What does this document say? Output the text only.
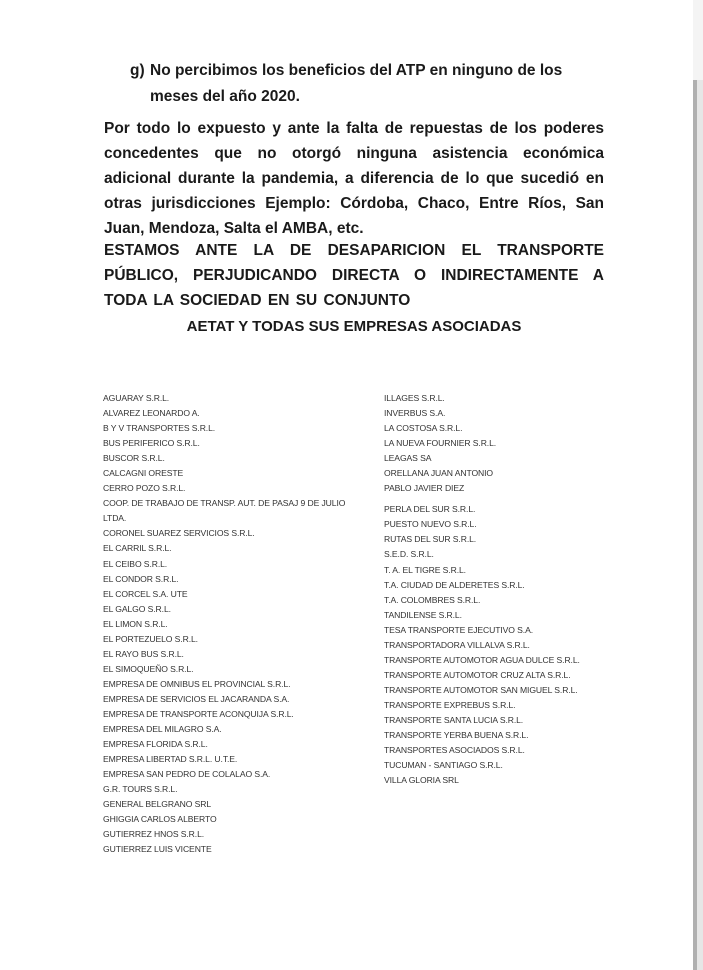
g) No percibimos los beneficios del ATP en ninguno de los meses del año 2020.
Por todo lo expuesto y ante la falta de repuestas de los poderes concedentes que no otorgó ninguna asistencia económica adicional durante la pandemia, a diferencia de lo que sucedió en otras jurisdicciones Ejemplo: Córdoba, Chaco, Entre Ríos, San Juan, Mendoza, Salta el AMBA, etc.
ESTAMOS ANTE LA DE DESAPARICION EL TRANSPORTE PÚBLICO, PERJUDICANDO DIRECTA O INDIRECTAMENTE A TODA LA SOCIEDAD EN SU CONJUNTO
AETAT Y TODAS SUS EMPRESAS ASOCIADAS
AGUARAY S.R.L.
ALVAREZ LEONARDO A.
B Y V TRANSPORTES S.R.L.
BUS PERIFERICO S.R.L.
BUSCOR S.R.L.
CALCAGNI ORESTE
CERRO POZO S.R.L.
COOP. DE TRABAJO DE TRANSP. AUT. DE PASAJ 9 DE JULIO
LTDA.
CORONEL SUAREZ SERVICIOS S.R.L.
EL CARRIL S.R.L.
EL CEIBO S.R.L.
EL CONDOR S.R.L.
EL CORCEL S.A. UTE
EL GALGO S.R.L.
EL LIMON S.R.L.
EL PORTEZUELO S.R.L.
EL RAYO BUS S.R.L.
EL SIMOQUEÑO S.R.L.
EMPRESA DE OMNIBUS EL PROVINCIAL S.R.L.
EMPRESA DE SERVICIOS EL JACARANDA S.A.
EMPRESA DE TRANSPORTE ACONQUIJA S.R.L.
EMPRESA DEL MILAGRO S.A.
EMPRESA FLORIDA S.R.L.
EMPRESA LIBERTAD S.R.L. U.T.E.
EMPRESA SAN PEDRO DE COLALAO S.A.
G.R. TOURS S.R.L.
GENERAL BELGRANO SRL
GHIGGIA CARLOS ALBERTO
GUTIERREZ HNOS S.R.L.
GUTIERREZ LUIS VICENTE
ILLAGES S.R.L.
INVERBUS S.A.
LA COSTOSA S.R.L.
LA NUEVA FOURNIER S.R.L.
LEAGAS SA
ORELLANA JUAN ANTONIO
PABLO JAVIER DIEZ
PERLA DEL SUR S.R.L.
PUESTO NUEVO S.R.L.
RUTAS DEL SUR S.R.L.
S.E.D. S.R.L.
T. A. EL TIGRE S.R.L.
T.A. CIUDAD DE ALDERETES S.R.L.
T.A. COLOMBRES S.R.L.
TANDILENSE S.R.L.
TESA TRANSPORTE EJECUTIVO S.A.
TRANSPORTADORA VILLALVA S.R.L.
TRANSPORTE AUTOMOTOR AGUA DULCE S.R.L.
TRANSPORTE AUTOMOTOR CRUZ ALTA S.R.L.
TRANSPORTE AUTOMOTOR SAN MIGUEL S.R.L.
TRANSPORTE EXPREBUS S.R.L.
TRANSPORTE SANTA LUCIA S.R.L.
TRANSPORTE YERBA BUENA S.R.L.
TRANSPORTES ASOCIADOS S.R.L.
TUCUMAN - SANTIAGO S.R.L.
VILLA GLORIA SRL
